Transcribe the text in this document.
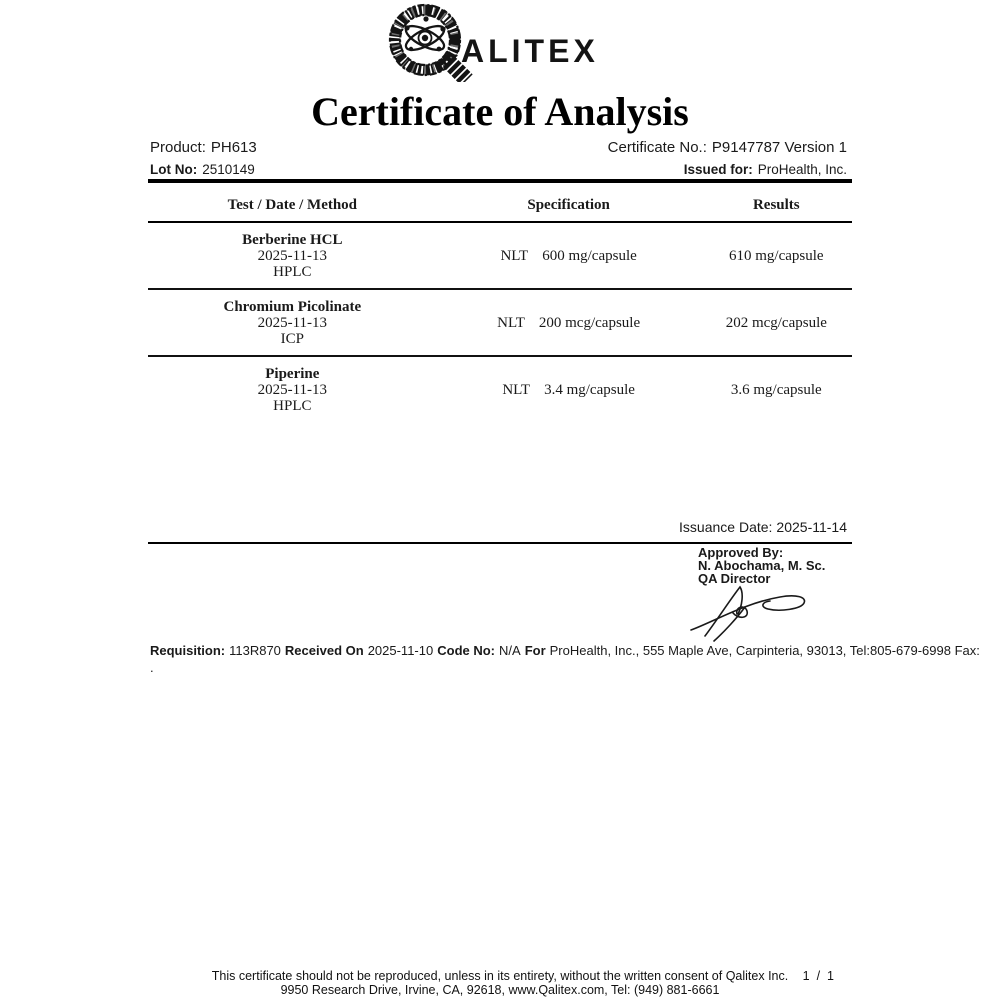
ALITEX
Certificate of Analysis
Product: PH613	Certificate No.: P9147787 Version 1
Lot No: 2510149	Issued for: ProHealth, Inc.
Test / Date / Method	Specification	Results
Berberine HCL
2025-11-13
HPLC
NLT 600 mg/capsule	610 mg/capsule
Chromium Picolinate
2025-11-13
ICP
NLT 200 mcg/capsule	202 mcg/capsule
Piperine
2025-11-13
HPLC
NLT 3.4 mg/capsule	3.6 mg/capsule
Issuance Date: 2025-11-14
Approved By:
N. Abochama, M. Sc.
QA Director
Requisition: 113R870 Received On 2025-11-10 Code No: N/A For ProHealth, Inc., 555 Maple Ave, Carpinteria, 93013, Tel:805-679-6998 Fax:
.
This certificate should not be reproduced, unless in its entirety, without the written consent of Qalitex Inc.
9950 Research Drive, Irvine, CA, 92618, www.Qalitex.com, Tel: (949) 881-6661
1 / 1
